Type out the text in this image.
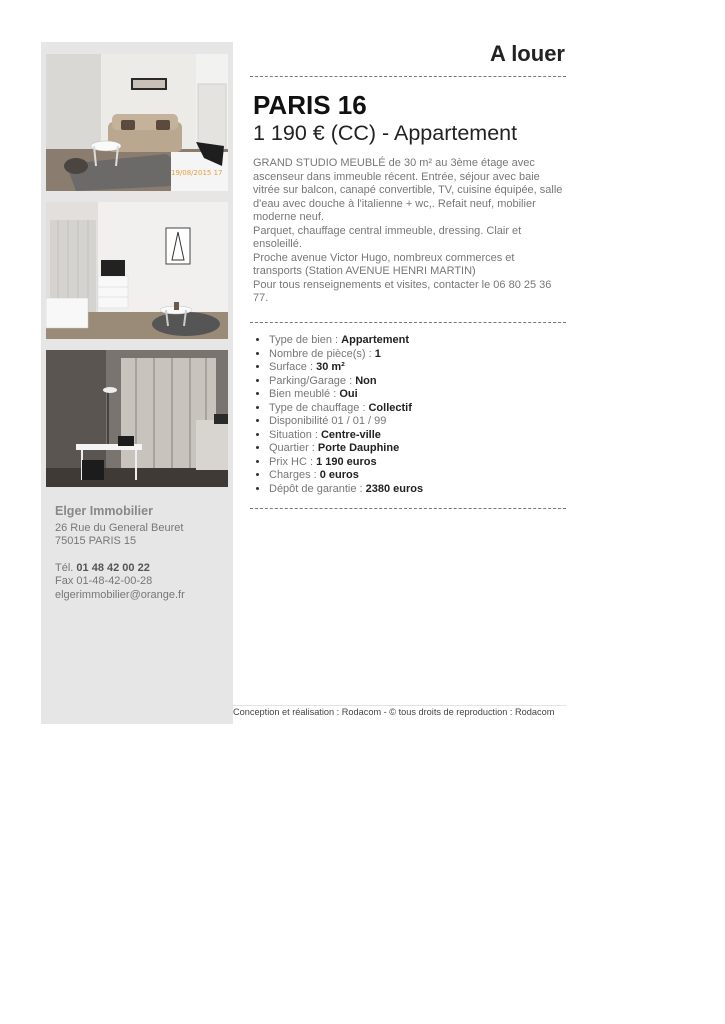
19/08/2015 17
Elger Immobilier
26 Rue du General Beuret
75015 PARIS 15
Tél. 01 48 42 00 22
Fax 01-48-42-00-28
elgerimmobilier@orange.fr
A louer
PARIS 16
1 190 € (CC) - Appartement

GRAND STUDIO MEUBLÉ de 30 m² au 3ème étage avec ascenseur dans immeuble récent. Entrée, séjour avec baie vitrée sur balcon, canapé convertible, TV, cuisine équipée, salle d'eau avec douche à l'italienne + wc,. Refait neuf, mobilier moderne neuf.

Parquet, chauffage central immeuble, dressing. Clair et ensoleillé.

Proche avenue Victor Hugo, nombreux commerces et transports (Station AVENUE HENRI MARTIN)

Pour tous renseignements et visites, contacter le 06 80 25 36 77.

• Type de bien : Appartement
• Nombre de pièce(s) : 1
• Surface : 30 m²
• Parking/Garage : Non
• Bien meublé : Oui
• Type de chauffage : Collectif
• Disponibilité 01 / 01 / 99
• Situation : Centre-ville
• Quartier : Porte Dauphine
• Prix HC : 1 190 euros
• Charges : 0 euros
• Dépôt de garantie : 2380 euros
Conception et réalisation : Rodacom - © tous droits de reproduction : Rodacom
